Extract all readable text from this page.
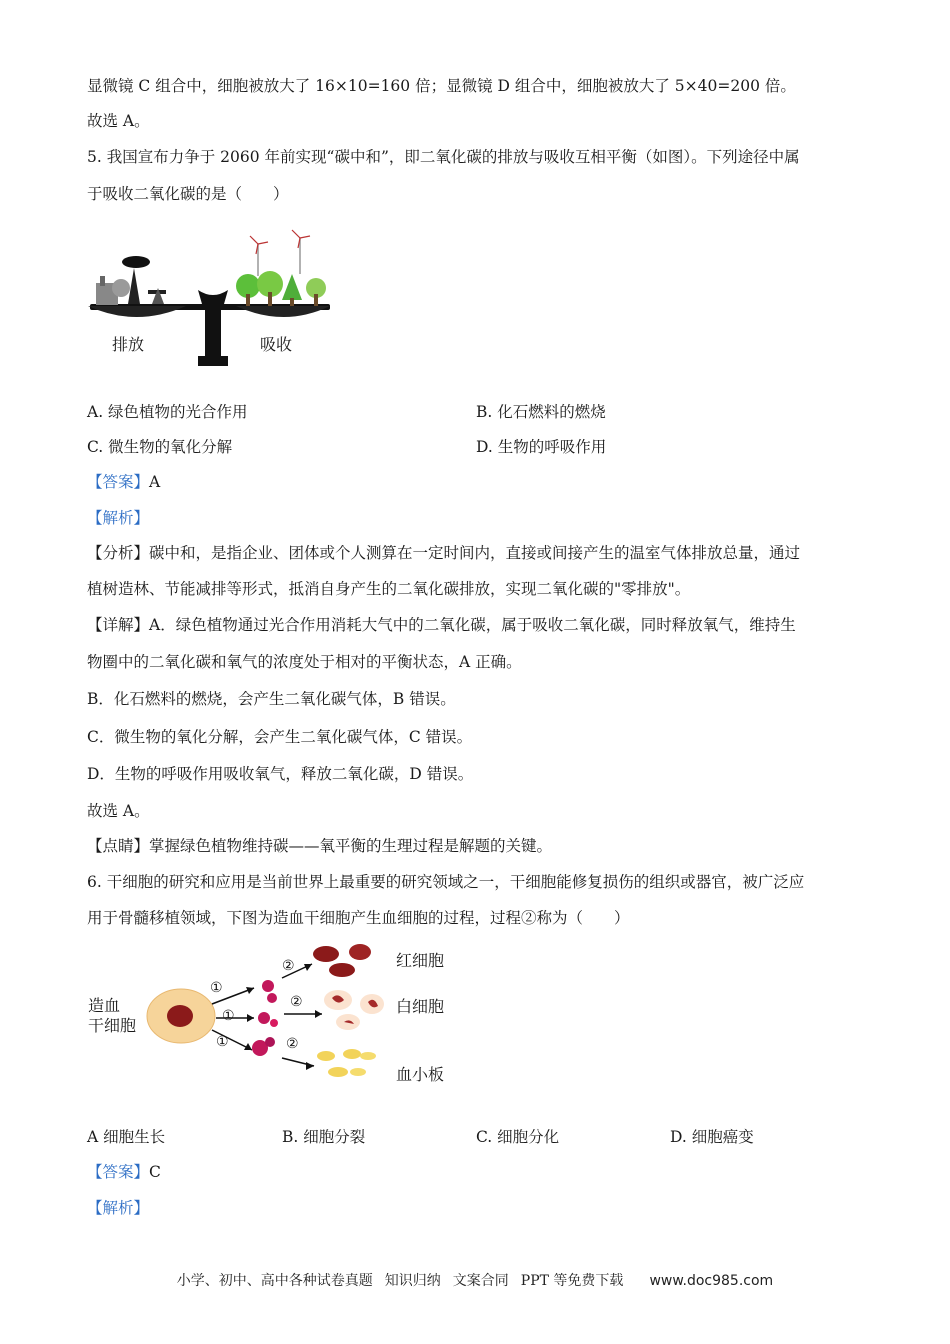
显微镜 C 组合中，细胞被放大了 16×10=160 倍；显微镜 D 组合中，细胞被放大了 5×40=200 倍。
故选 A。
5. 我国宣布力争于 2060 年前实现“碳中和”，即二氧化碳的排放与吸收互相平衡（如图）。下列途径中属
于吸收二氧化碳的是（　　）
排放	吸收
A. 绿色植物的光合作用	B. 化石燃料的燃烧
C. 微生物的氧化分解	D. 生物的呼吸作用
【答案】A
【解析】
【分析】碳中和，是指企业、团体或个人测算在一定时间内，直接或间接产生的温室气体排放总量，通过
植树造林、节能减排等形式，抵消自身产生的二氧化碳排放，实现二氧化碳的"零排放"。
【详解】A．绿色植物通过光合作用消耗大气中的二氧化碳，属于吸收二氧化碳，同时释放氧气，维持生
物圈中的二氧化碳和氧气的浓度处于相对的平衡状态，A 正确。
B．化石燃料的燃烧，会产生二氧化碳气体，B 错误。
C．微生物的氧化分解，会产生二氧化碳气体，C 错误。
D．生物的呼吸作用吸收氧气，释放二氧化碳，D 错误。
故选 A。
【点睛】掌握绿色植物维持碳——氧平衡的生理过程是解题的关键。
6. 干细胞的研究和应用是当前世界上最重要的研究领域之一，干细胞能修复损伤的组织或器官，被广泛应
用于骨髓移植领域，下图为造血干细胞产生血细胞的过程，过程②称为（　　）
造血
干细胞
①
①
①
②
②
②
红细胞
白细胞
血小板
A 细胞生长	B. 细胞分裂	C. 细胞分化	D. 细胞癌变
【答案】C
【解析】
小学、初中、高中各种试卷真题 知识归纳 文案合同 PPT 等免费下载 www.doc985.com
